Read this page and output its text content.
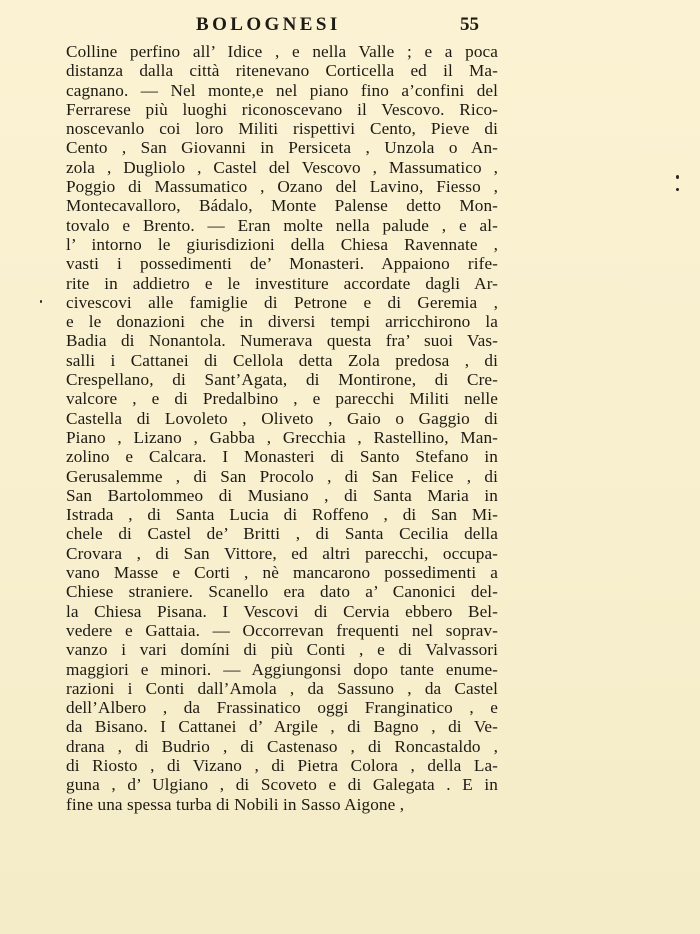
BOLOGNESI	55
Colline perfino all’ Idice , e nella Valle ; e a poca
distanza dalla città ritenevano Corticella ed il Ma-
cagnano. — Nel monte,e nel piano fino a’confini del
Ferrarese più luoghi riconoscevano il Vescovo. Rico-
noscevanlo coi loro Militi rispettivi Cento, Pieve di
Cento , San Giovanni in Persiceta , Unzola o An-
zola , Dugliolo , Castel del Vescovo , Massumatico ,
Poggio di Massumatico , Ozano del Lavino, Fiesso ,
Montecavalloro, Bádalo, Monte Palense detto Mon-
tovalo e Brento. — Eran molte nella palude , e al-
l’ intorno le giurisdizioni della Chiesa Ravennate ,
vasti i possedimenti de’ Monasteri. Appaiono rife-
rite in addietro e le investiture accordate dagli Ar-
civescovi alle famiglie di Petrone e di Geremia ,
e le donazioni che in diversi tempi arricchirono la
Badia di Nonantola. Numerava questa fra’ suoi Vas-
salli i Cattanei di Cellola detta Zola predosa , di
Crespellano, di Sant’Agata, di Montirone, di Cre-
valcore , e di Predalbino , e parecchi Militi nelle
Castella di Lovoleto , Oliveto , Gaio o Gaggio di
Piano , Lizano , Gabba , Grecchia , Rastellino, Man-
zolino e Calcara. I Monasteri di Santo Stefano in
Gerusalemme , di San Procolo , di San Felice , di
San Bartolommeo di Musiano , di Santa Maria in
Istrada , di Santa Lucia di Roffeno , di San Mi-
chele di Castel de’ Britti , di Santa Cecilia della
Crovara , di San Vittore, ed altri parecchi, occupa-
vano Masse e Corti , nè mancarono possedimenti a
Chiese straniere. Scanello era dato a’ Canonici del-
la Chiesa Pisana. I Vescovi di Cervia ebbero Bel-
vedere e Gattaia. — Occorrevan frequenti nel soprav-
vanzo i vari domíni di più Conti , e di Valvassori
maggiori e minori. — Aggiungonsi dopo tante enume-
razioni i Conti dall’Amola , da Sassuno , da Castel
dell’Albero , da Frassinatico oggi Franginatico , e
da Bisano. I Cattanei d’ Argile , di Bagno , di Ve-
drana , di Budrio , di Castenaso , di Roncastaldo ,
di Riosto , di Vizano , di Pietra Colora , della La-
guna , d’ Ulgiano , di Scoveto e di Galegata . E in
fine una spessa turba di Nobili in Sasso Aigone ,
